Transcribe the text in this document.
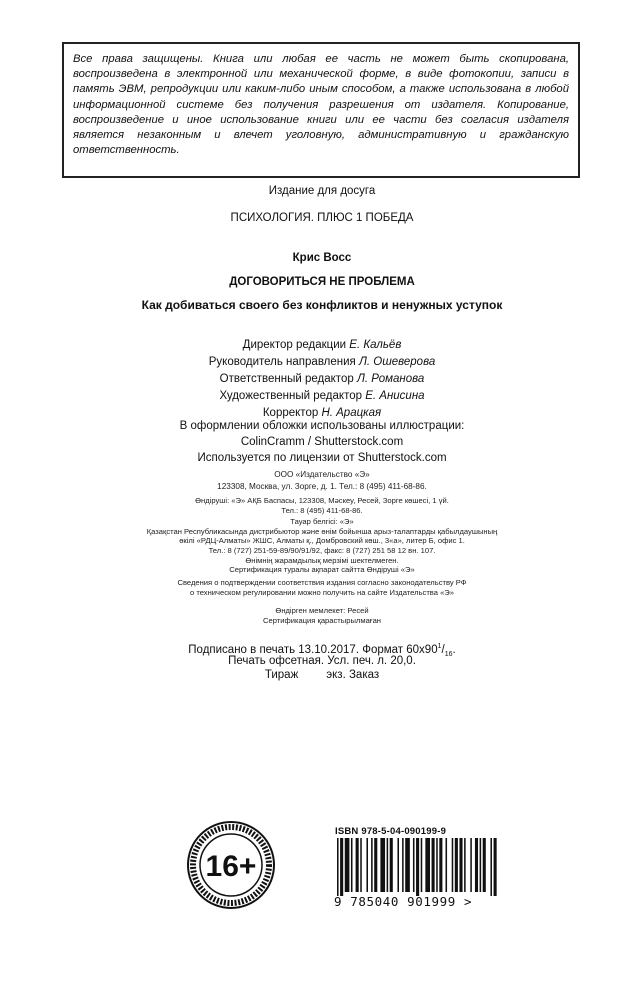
Все права защищены. Книга или любая ее часть не может быть скопирована, воспроизведена в электронной или механической форме, в виде фотокопии, записи в память ЭВМ, репродукции или каким-либо иным способом, а также использована в любой информационной системе без получения разрешения от издателя. Копирование, воспроизведение и иное использование книги или ее части без согласия издателя является незаконным и влечет уголовную, административную и гражданскую ответственность.

Издание для досуга
ПСИХОЛОГИЯ. ПЛЮС 1 ПОБЕДА
Крис Восс
ДОГОВОРИТЬСЯ НЕ ПРОБЛЕМА
Как добиваться своего без конфликтов и ненужных уступок
Директор редакции Е. Кальёв
Руководитель направления Л. Ошеверова
Ответственный редактор Л. Романова
Художественный редактор Е. Анисина
Корректор Н. Арацкая
В оформлении обложки использованы иллюстрации:
ColinCramm / Shutterstock.com
Используется по лицензии от Shutterstock.com
ООО «Издательство «Э»
123308, Москва, ул. Зорге, д. 1. Тел.: 8 (495) 411-68-86.
Өндіруші: «Э» АҚБ Баспасы, 123308, Мәскеу, Ресей, Зорге көшесі, 1 үй.
Тел.: 8 (495) 411-68-86.
Тауар белгісі: «Э»
Қазақстан Республикасында дистрибьютор және өнім бойынша арыз-талаптарды қабылдаушының
өкілі «РДЦ-Алматы» ЖШС, Алматы қ., Домбровский көш., 3«а», литер Б, офис 1.
Тел.: 8 (727) 251-59-89/90/91/92, факс: 8 (727) 251 58 12 вн. 107.
Өнімнің жарамдылық мерзімі шектелмеген.
Сертификация туралы ақпарат сайтта Өндіруші «Э»
Сведения о подтверждении соответствия издания согласно законодательству РФ
о техническом регулировании можно получить на сайте Издательства «Э»
Өндірген мемлекет: Ресей
Сертификация қарастырылмаған
Подписано в печать 13.10.2017. Формат $60х90^1/_{16}$.
Печать офсетная. Усл. печ. л. 20,0.
Тираж экз. Заказ
16+
ISBN 978-5-04-090199-9
9 785040 901999 >
